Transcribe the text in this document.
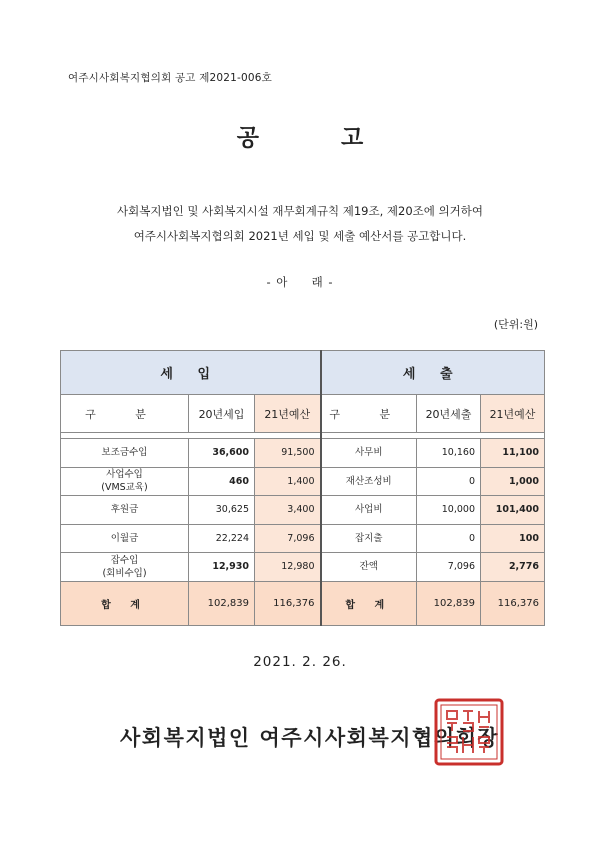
여주시사회복지협의회 공고 제2021-006호
공	고
사회복지법인 및 사회복지시설 재무회계규칙 제19조, 제20조에 의거하여
여주시사회복지협의회 2021년 세입 및 세출 예산서를 공고합니다.
- 아     래 -
(단위:원)
세 입			세 출		
구 분	20년세입	21년예산	구 분	20년세출	21년예산

보조금수입	36,600	91,500	사무비	10,160	11,100

사업수입
(VMS교육)	460	1,400	재산조성비	0	1,000

후원금	30,625	3,400	사업비	10,000	101,400

이월금	22,224	7,096	잡지출	0	100

잡수입
(회비수입)	12,930	12,980	잔액	7,096	2,776
합 계	102,839	116,376	합 계	102,839	116,376
2021. 2. 26.
사회복지법인 여주시사회복지협의회장
